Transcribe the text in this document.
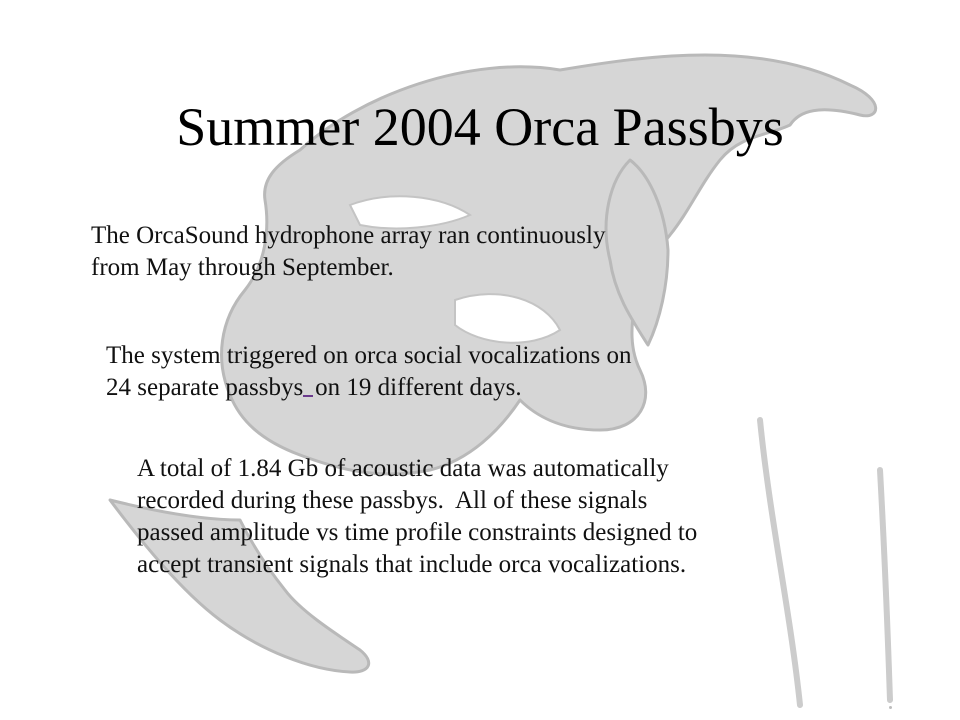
Summer 2004 Orca Passbys
The OrcaSound hydrophone array ran continuously
from May through September.
The system triggered on orca social vocalizations on
24 separate passbys on 19 different days.
A total of 1.84 Gb of acoustic data was automatically
recorded during these passbys.  All of these signals
passed amplitude vs time profile constraints designed to
accept transient signals that include orca vocalizations.
